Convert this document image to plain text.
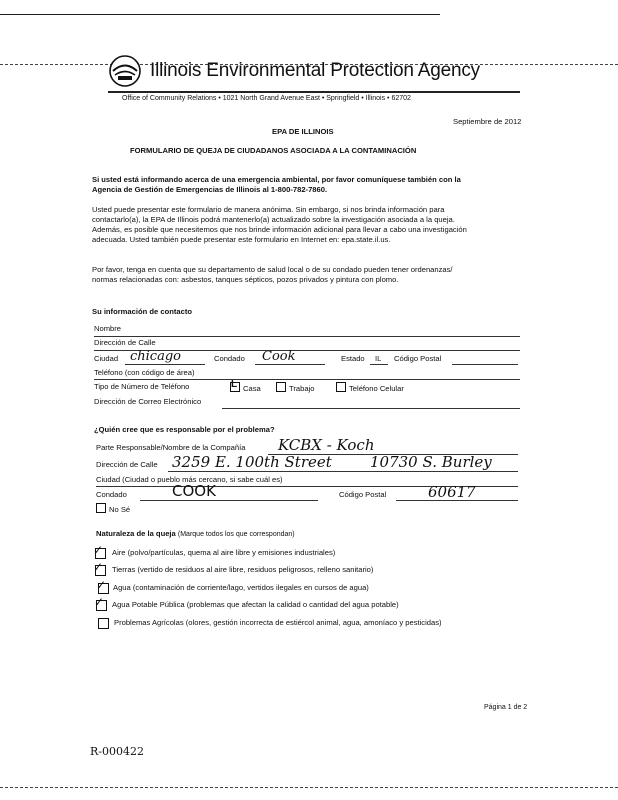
Illinois Environmental Protection Agency
Office of Community Relations • 1021 North Grand Avenue East • Springfield • Illinois • 62702
Septiembre de 2012
EPA DE ILLINOIS
FORMULARIO DE QUEJA DE CIUDADANOS ASOCIADA A LA CONTAMINACIÓN
Si usted está informando acerca de una emergencia ambiental, por favor comuníquese también con la
Agencia de Gestión de Emergencias de Illinois al 1-800-782-7860.
Usted puede presentar este formulario de manera anónima. Sin embargo, si nos brinda información para
contactarlo(a), la EPA de Illinois podrá mantenerlo(a) actualizado sobre la investigación asociada a la queja.
Además, es posible que necesitemos que nos brinde información adicional para llevar a cabo una investigación
adecuada. Usted también puede presentar este formulario en Internet en: epa.state.il.us.
Por favor, tenga en cuenta que su departamento de salud local o de su condado pueden tener ordenanzas/
normas relacionadas con: asbestos, tanques sépticos, pozos privados y pintura con plomo.
Su información de contacto
Nombre
Dirección de Calle
Ciudad chicago	Condado Cook	Estado IL Código Postal
Teléfono (con código de área)
Tipo de Número de Teléfono	L Casa	Trabajo	Teléfono Celular
Dirección de Correo Electrónico
¿Quién cree que es responsable por el problema?
Parte Responsable/Nombre de la Compañía KCBX - Koch
Dirección de Calle 3259 E. 100th Street	10730 S. Burley
Ciudad (Ciudad o pueblo más cercano, si sabe cuál es)
Condado	COOK	Código Postal	60617
No Sé
Naturaleza de la queja (Marque todos los que correspondan)
✓ Aire (polvo/partículas, quema al aire libre y emisiones industriales)
✓ Tierras (vertido de residuos al aire libre, residuos peligrosos, relleno sanitario)
✓ Agua (contaminación de corriente/lago, vertidos ilegales en cursos de agua)
✓ Agua Potable Pública (problemas que afectan la calidad o cantidad del agua potable)
Problemas Agrícolas (olores, gestión incorrecta de estiércol animal, agua, amoníaco y pesticidas)
Página 1 de 2
R-000422
